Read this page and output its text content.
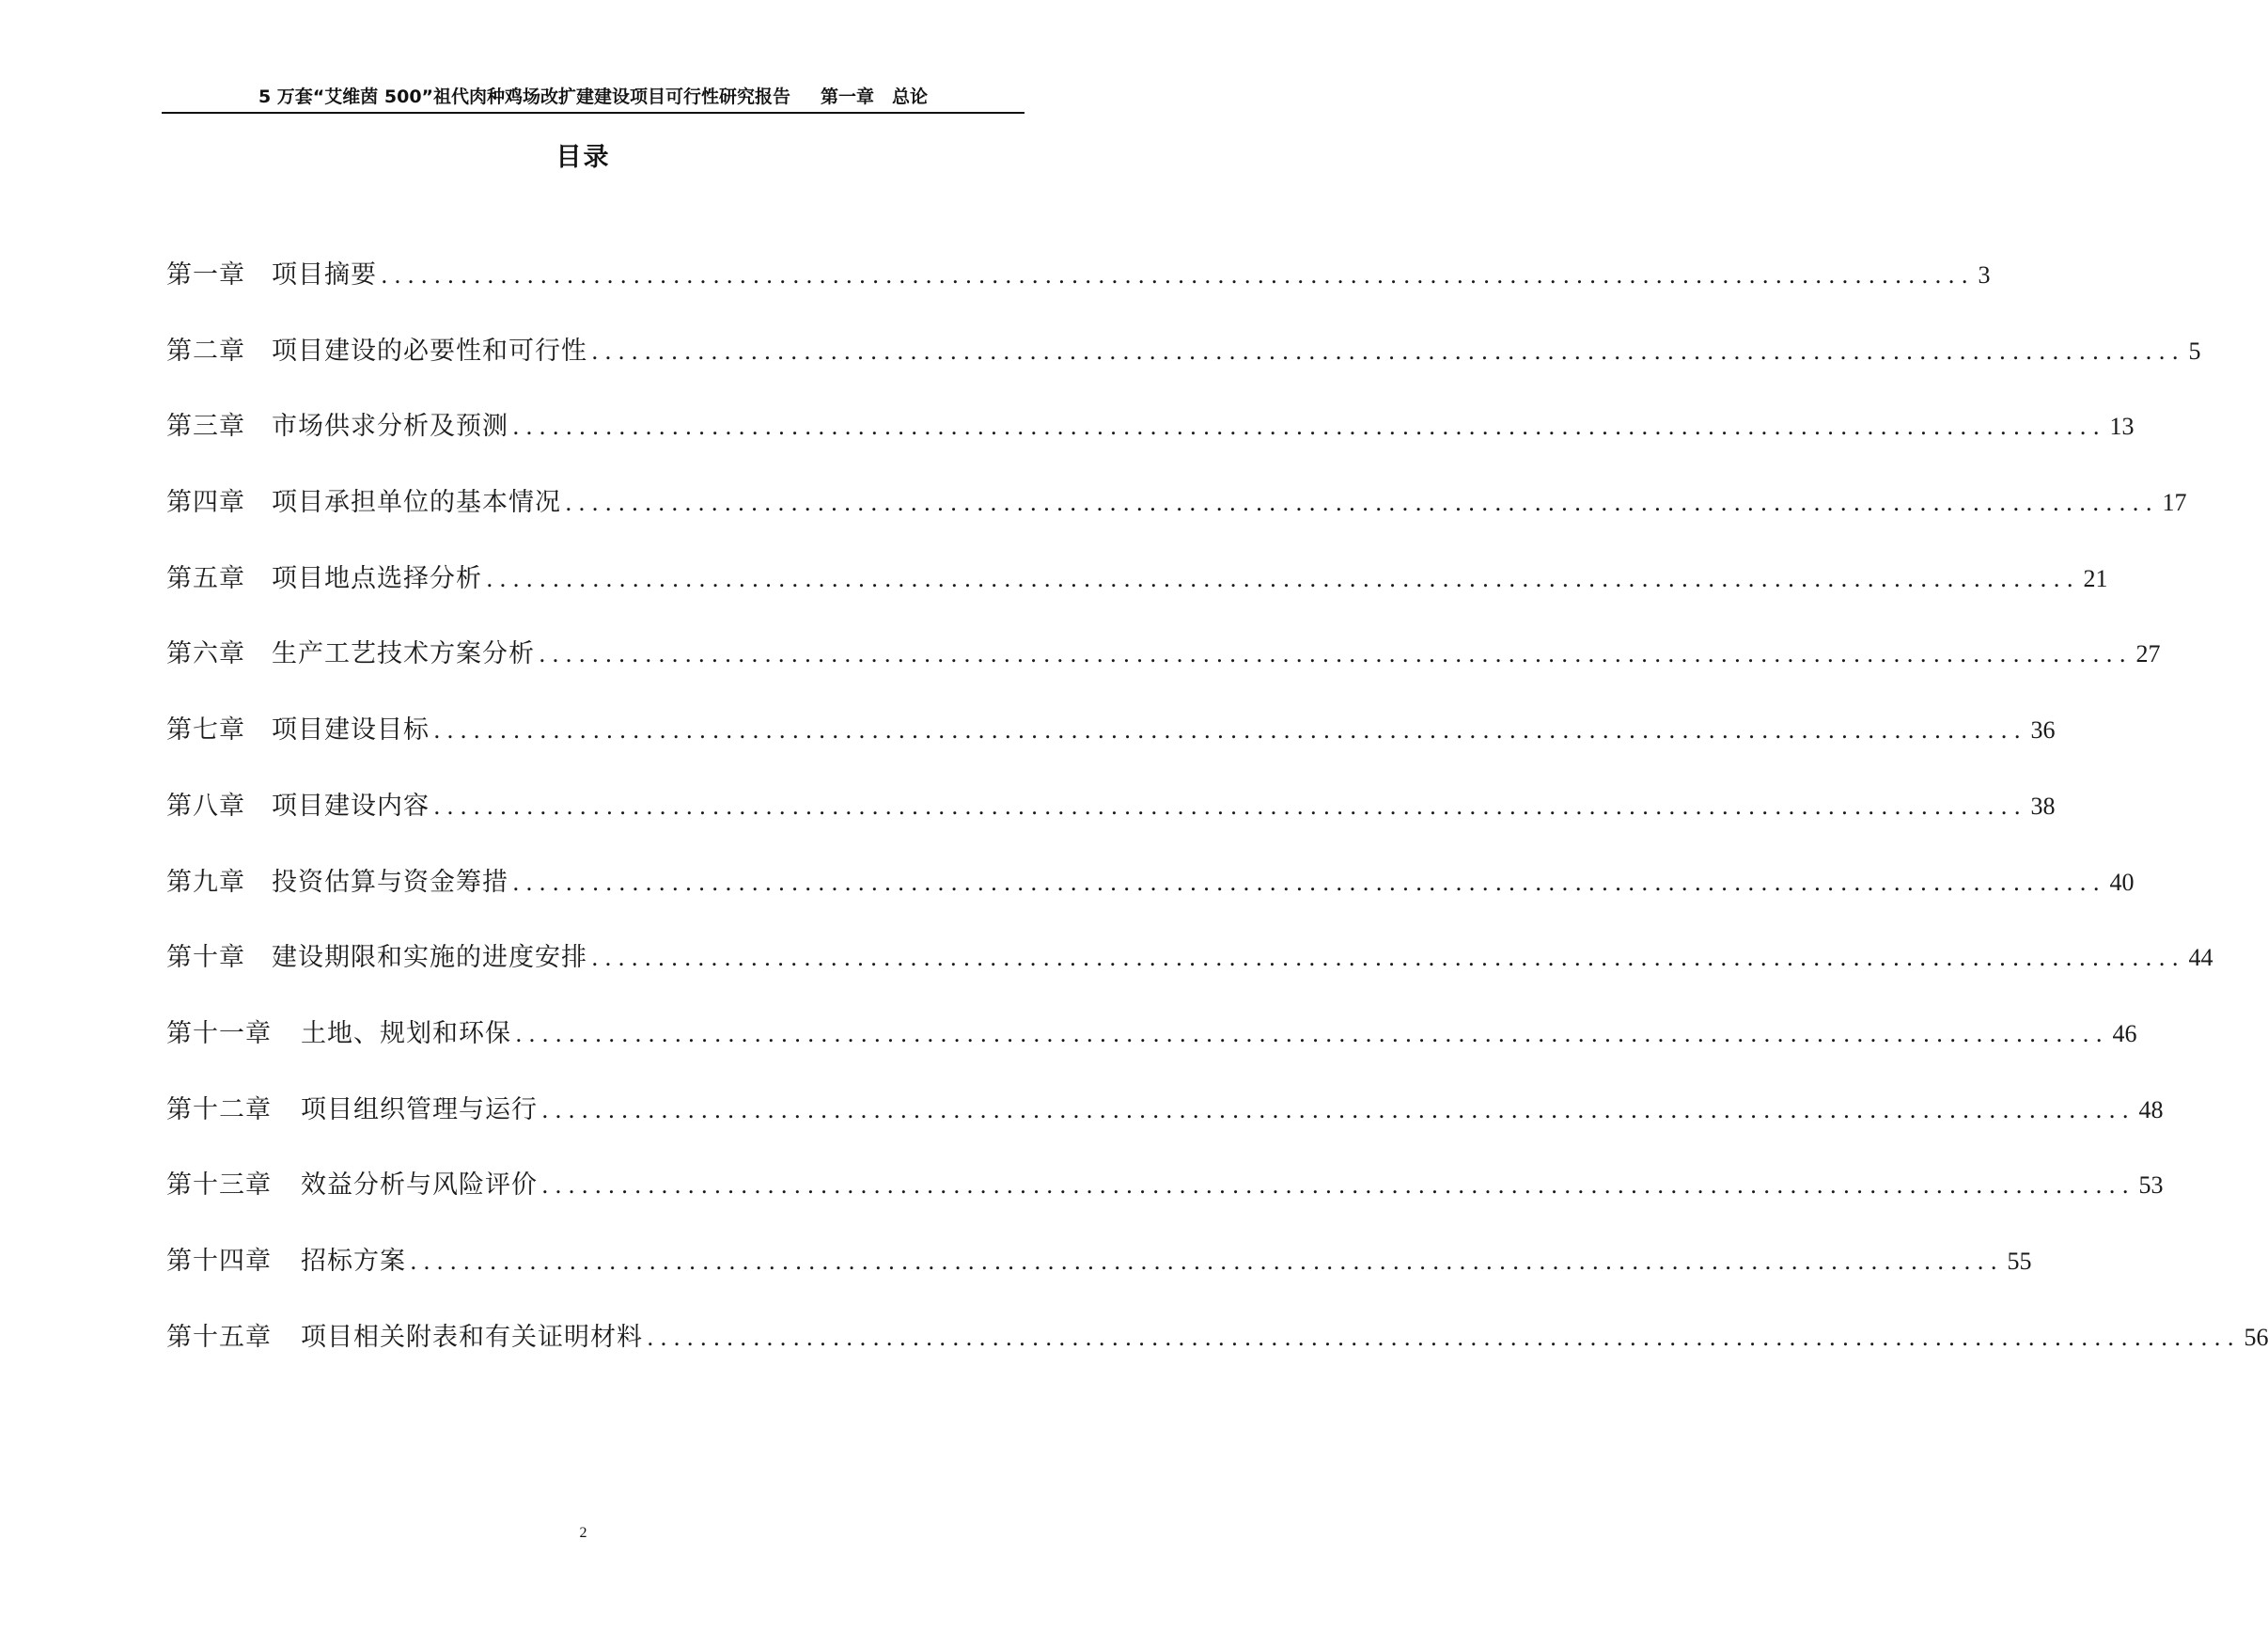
5 万套“艾维茵 500”祖代肉种鸡场改扩建建设项目可行性研究报告 第一章　总论
目录
第一章	项目摘要 ........................................................................................................................ 3
第二章	项目建设的必要性和可行性 ........................................................................................................................ 5
第三章	市场供求分析及预测 ........................................................................................................................ 13
第四章	项目承担单位的基本情况 ........................................................................................................................ 17
第五章	项目地点选择分析 ........................................................................................................................ 21
第六章	生产工艺技术方案分析 ........................................................................................................................ 27
第七章	项目建设目标 ........................................................................................................................ 36
第八章	项目建设内容 ........................................................................................................................ 38
第九章	投资估算与资金筹措 ........................................................................................................................ 40
第十章	建设期限和实施的进度安排 ........................................................................................................................ 44
第十一章	土地、规划和环保 ........................................................................................................................ 46
第十二章	项目组织管理与运行 ........................................................................................................................ 48
第十三章	效益分析与风险评价 ........................................................................................................................ 53
第十四章	招标方案 ........................................................................................................................ 55
第十五章	项目相关附表和有关证明材料 ........................................................................................................................ 56
2
